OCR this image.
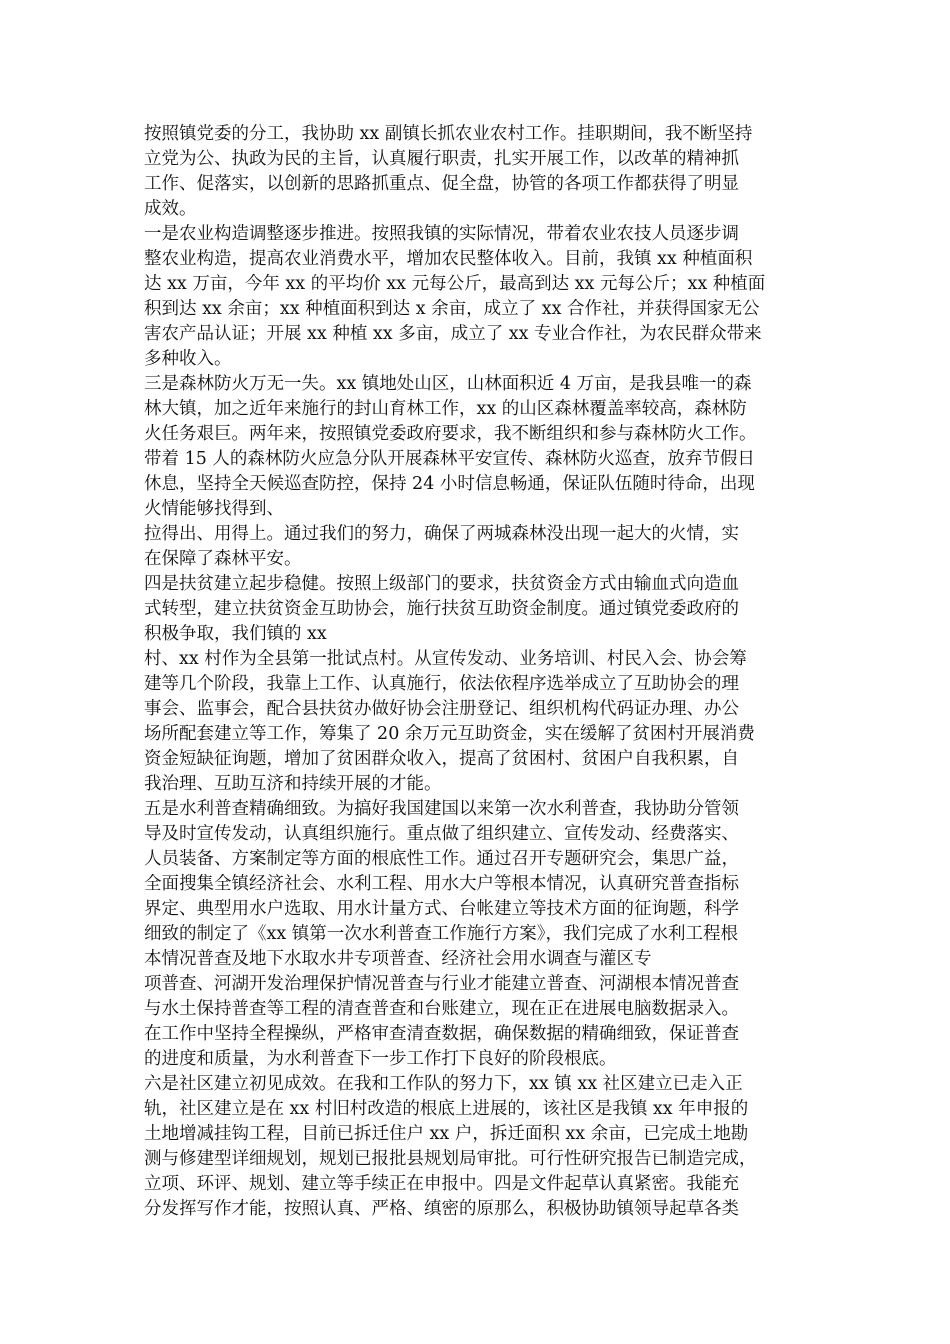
按照镇党委的分工，我协助 xx 副镇长抓农业农村工作。挂职期间，我不断坚持
立党为公、执政为民的主旨，认真履行职责，扎实开展工作，以改革的精神抓
工作、促落实，以创新的思路抓重点、促全盘，协管的各项工作都获得了明显
成效。
一是农业构造调整逐步推进。按照我镇的实际情况，带着农业农技人员逐步调
整农业构造，提高农业消费水平，增加农民整体收入。目前，我镇 xx 种植面积
达 xx 万亩，今年 xx 的平均价 xx 元每公斤，最高到达 xx 元每公斤；xx 种植面
积到达 xx 余亩；xx 种植面积到达 x 余亩，成立了 xx 合作社，并获得国家无公
害农产品认证；开展 xx 种植 xx 多亩，成立了 xx 专业合作社，为农民群众带来
多种收入。
三是森林防火万无一失。xx 镇地处山区，山林面积近 4 万亩，是我县唯一的森
林大镇，加之近年来施行的封山育林工作，xx 的山区森林覆盖率较高，森林防
火任务艰巨。两年来，按照镇党委政府要求，我不断组织和参与森林防火工作。
带着 15 人的森林防火应急分队开展森林平安宣传、森林防火巡查，放弃节假日
休息，坚持全天候巡查防控，保持 24 小时信息畅通，保证队伍随时待命，出现
火情能够找得到、
拉得出、用得上。通过我们的努力，确保了两城森林没出现一起大的火情，实
在保障了森林平安。
四是扶贫建立起步稳健。按照上级部门的要求，扶贫资金方式由输血式向造血
式转型，建立扶贫资金互助协会，施行扶贫互助资金制度。通过镇党委政府的
积极争取，我们镇的 xx
村、xx 村作为全县第一批试点村。从宣传发动、业务培训、村民入会、协会筹
建等几个阶段，我靠上工作、认真施行，依法依程序选举成立了互助协会的理
事会、监事会，配合县扶贫办做好协会注册登记、组织机构代码证办理、办公
场所配套建立等工作，筹集了 20 余万元互助资金，实在缓解了贫困村开展消费
资金短缺征询题，增加了贫困群众收入，提高了贫困村、贫困户自我积累，自
我治理、互助互济和持续开展的才能。
五是水利普查精确细致。为搞好我国建国以来第一次水利普查，我协助分管领
导及时宣传发动，认真组织施行。重点做了组织建立、宣传发动、经费落实、
人员装备、方案制定等方面的根底性工作。通过召开专题研究会，集思广益，
全面搜集全镇经济社会、水利工程、用水大户等根本情况，认真研究普查指标
界定、典型用水户选取、用水计量方式、台帐建立等技术方面的征询题，科学
细致的制定了《xx 镇第一次水利普查工作施行方案》，我们完成了水利工程根
本情况普查及地下水取水井专项普查、经济社会用水调查与灌区专
项普查、河湖开发治理保护情况普查与行业才能建立普查、河湖根本情况普查
与水土保持普查等工程的清查普查和台账建立，现在正在进展电脑数据录入。
在工作中坚持全程操纵，严格审查清查数据，确保数据的精确细致，保证普查
的进度和质量，为水利普查下一步工作打下良好的阶段根底。
六是社区建立初见成效。在我和工作队的努力下，xx 镇 xx 社区建立已走入正
轨，社区建立是在 xx 村旧村改造的根底上进展的，该社区是我镇 xx 年申报的
土地增减挂钩工程，目前已拆迁住户 xx 户，拆迁面积 xx 余亩，已完成土地勘
测与修建型详细规划，规划已报批县规划局审批。可行性研究报告已制造完成，
立项、环评、规划、建立等手续正在申报中。四是文件起草认真紧密。我能充
分发挥写作才能，按照认真、严格、缜密的原那么，积极协助镇领导起草各类
